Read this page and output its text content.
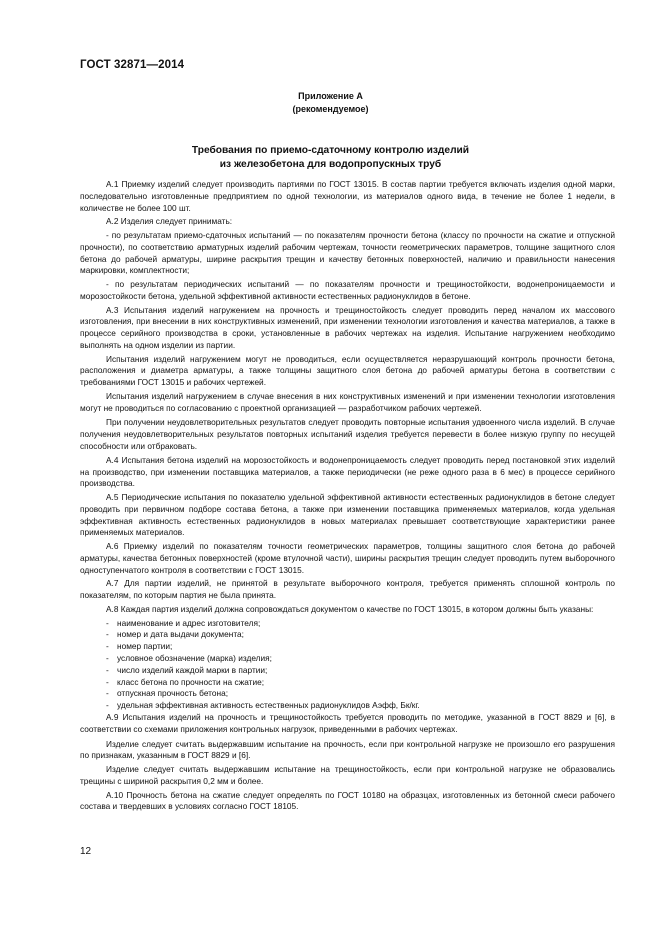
ГОСТ 32871—2014
Приложение А
(рекомендуемое)
Требования по приемо-сдаточному контролю изделий
из железобетона для водопропускных труб

А.1 Приемку изделий следует производить партиями по ГОСТ 13015. В состав партии требуется включать изделия одной марки, последовательно изготовленные предприятием по одной технологии, из материалов одного вида, в течение не более 1 недели, в количестве не более 100 шт.

А.2 Изделия следует принимать:

- по результатам приемо-сдаточных испытаний — по показателям прочности бетона (классу по прочности на сжатие и отпускной прочности), по соответствию арматурных изделий рабочим чертежам, точности геометрических параметров, толщине защитного слоя бетона до рабочей арматуры, ширине раскрытия трещин и качеству бетонных поверхностей, наличию и правильности нанесения маркировки, комплектности;

- по результатам периодических испытаний — по показателям прочности и трещиностойкости, водонепроницаемости и морозостойкости бетона, удельной эффективной активности естественных радионуклидов в бетоне.

А.3 Испытания изделий нагружением на прочность и трещиностойкость следует проводить перед началом их массового изготовления, при внесении в них конструктивных изменений, при изменении технологии изготовления и качества материалов, а также в процессе серийного производства в сроки, установленные в рабочих чертежах на изделия. Испытание нагружением необходимо выполнять на одном изделии из партии.

Испытания изделий нагружением могут не проводиться, если осуществляется неразрушающий контроль прочности бетона, расположения и диаметра арматуры, а также толщины защитного слоя бетона до рабочей арматуры бетона в соответствии с требованиями ГОСТ 13015 и рабочих чертежей.

Испытания изделий нагружением в случае внесения в них конструктивных изменений и при изменении технологии изготовления могут не проводиться по согласованию с проектной организацией — разработчиком рабочих чертежей.

При получении неудовлетворительных результатов следует проводить повторные испытания удвоенного числа изделий. В случае получения неудовлетворительных результатов повторных испытаний изделия требуется перевести в более низкую группу по несущей способности или отбраковать.

А.4 Испытания бетона изделий на морозостойкость и водонепроницаемость следует проводить перед постановкой этих изделий на производство, при изменении поставщика материалов, а также периодически (не реже одного раза в 6 мес) в процессе серийного производства.

А.5 Периодические испытания по показателю удельной эффективной активности естественных радионуклидов в бетоне следует проводить при первичном подборе состава бетона, а также при изменении поставщика применяемых материалов, когда удельная эффективная активность естественных радионуклидов в новых материалах превышает соответствующие характеристики ранее применяемых материалов.

А.6 Приемку изделий по показателям точности геометрических параметров, толщины защитного слоя бетона до рабочей арматуры, качества бетонных поверхностей (кроме втулочной части), ширины раскрытия трещин следует проводить путем выборочного одноступенчатого контроля в соответствии с ГОСТ 13015.

А.7 Для партии изделий, не принятой в результате выборочного контроля, требуется применять сплошной контроль по показателям, по которым партия не была принята.

А.8 Каждая партия изделий должна сопровождаться документом о качестве по ГОСТ 13015, в котором должны быть указаны:

- наименование и адрес изготовителя;
- номер и дата выдачи документа;
- номер партии;
- условное обозначение (марка) изделия;
- число изделий каждой марки в партии;
- класс бетона по прочности на сжатие;
- отпускная прочность бетона;
- удельная эффективная активность естественных радионуклидов Аэфф, Бк/кг.

А.9 Испытания изделий на прочность и трещиностойкость требуется проводить по методике, указанной в ГОСТ 8829 и [6], в соответствии со схемами приложения контрольных нагрузок, приведенными в рабочих чертежах.

Изделие следует считать выдержавшим испытание на прочность, если при контрольной нагрузке не произошло его разрушения по признакам, указанным в ГОСТ 8829 и [6].

Изделие следует считать выдержавшим испытание на трещиностойкость, если при контрольной нагрузке не образовались трещины с шириной раскрытия 0,2 мм и более.

А.10 Прочность бетона на сжатие следует определять по ГОСТ 10180 на образцах, изготовленных из бетонной смеси рабочего состава и твердевших в условиях согласно ГОСТ 18105.

12
